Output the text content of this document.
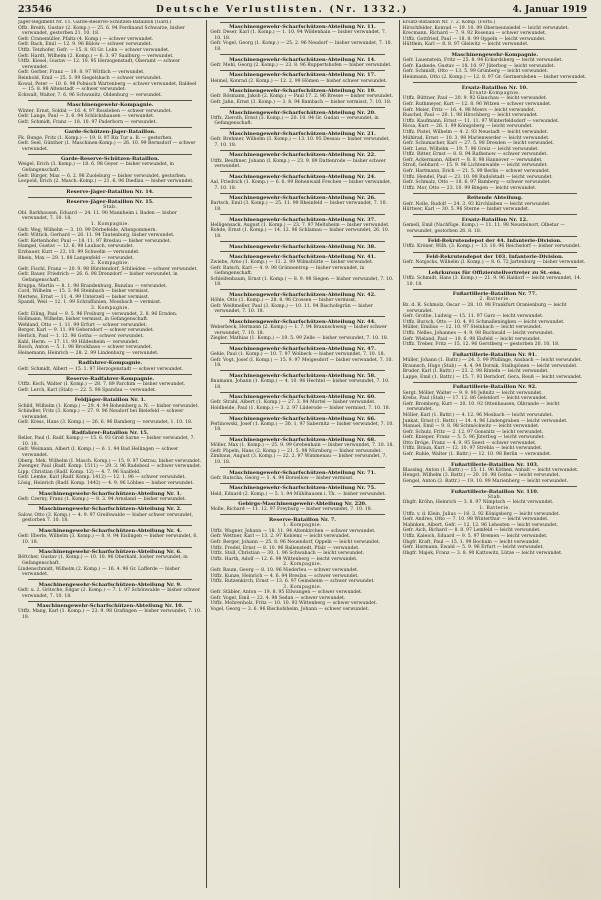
23546	Deutsche Verlustlisten. (Nr. 1332.)	4. Januar 1919

Jäger-Regiment Nr. 11. Garde-Reserve-Schützen-Bataillon (Gard.)

Offz. Breith, Gustav (2. Komp.) — 25. 6. 94 Ferdinand Schwarze, bisher verwundet, gestorben 21. 10. 18.

Gefr. Cranemüller, Pfaltz (4. Komp.) — schwer verwundet.

Gefr. Bach, Emil — 12. 9. 96 Bülow — schwer verwundet.

Utffz. Tetzhofer, Gefr. — 15. 8. 93 Gr. Lohn — schwer verwundet.

Gefr. Hardt, Wilhelm (2. Komp.) — 6. 3. 97 Saalburg — verwundet.

Utffz. Kiesel, Gustav — 12. 10. 95 Herzogenstadt, Oberamt — schwer verwundet.

Gefr. Gerber, Franz — 19. 8. 97 Wittlich — verwundet.

Reinhold, Emil — 25. 5. 99 Siegelsbach — schwer verwundet.

Kowal, Peter — 10. 6. 98 Polnisch Wartenberg — schwer verwundet, Baldeel — 15. 8. 98 Altenstadt — schwer verwundet.

Eckwalt, Walter, 7. 6. 96 Schwanitz, Oldenburg — verwundet.

Maschinengewehr-Kompagnie.

Winter, Ernst, Soldat — 16. 4. 97 Rossleben — schwer verwundet.

Gefr. Lange, Paul — 3. 6. 94 Schlickshausen — verwundet.

Gefr. Schmidt, Franz — 18. 10. 97 Paderborn — verwundet.

Garde-Schützen-Jäger-Bataillon.

Fk. Runge, Fritz (1. Komp.) — 19. 8. 97 Rix Tur a. B. — gestorben.

Gefr. Seel, Günther (1. Maschinen-Komp.) — 26. 10. 99 Bernsdorf — schwer verwundet.

Garde-Reserve-Schützen-Bataillon.

Weigel, Erich (3. Komp.) — 18. 6. 98 Geyer — bisher verwundet, in Gefangenschaft.

Gefr. Bürger, Max — 6. 2. 98 Zuoleburg — bisher verwundet, gestorben.

Leopold, Erich (2. Masch.-Komp.) — 21. 6. 96 Diedlau — bisher verwundet.

Reserve-Jäger-Bataillon Nr. 14.
Reserve-Jäger-Bataillon Nr. 15.
Stab.

Obl. Barkhausen, Eduard — 24. 11. 90 Mannheim i. Baden — bisher verwundet, 7. 10. 18.

1. Kompagnie.

Gefr. Weg, Wilhelm — 3. 10. 99 Dörbefelde, Altenpommern.

Gefr. Wittich, Gerhard — 26. 11. 94 Tautenburg, bisher verwundet.

Gefr. Kettenhofer, Paul — 18. 11. 97 Breslau — bisher verwundet.

Hampel, Gustav — 12. 6. 98 Laubach, verwundet.

Erzbauer, Kurt — 23. 10. 99 Schwelm — verwundet.

Rhein, Max — 29. 1. 88 Langenfeld — verwundet.

2. Kompagnie.

Gefr. Fischl, Franz — 20. 9. 98 Bürstendorf, Schlieiden — schwer verwundet.

Gefr. Bauer, Friedrich — 26. 6. 98 Drenzdorf — bisher verwundet, in Gefangenschaft.

Kruppa, Martin — 8. 1. 98 Brandenburg, Bunzlau — verwundet.

Cord, Wilhelm — 15. 3. 96 Steinbach — bisher vermisst.

Mertens, Ernst — 11. 4. 99 Unterzell — bisher vermisst.

Spandl, Weil — 12. 1. 99 Schraffanien, Mossbach — vermisst.

3. Kompagnie.

Gefr. Eiling, Paul — 9. 5. 96 Freiburg — verwundet, 2. 8. 96 Ernden.

Hollmann, Wilhelm, bisher vermisst, in Gefangenschaft.

Wehland, Otto — 1. 11. 99 Erfurt — schwer verwundet.

Berger, Karl — 9. 11. 99 Gebersdorf — schwer verwundet.

Herlich, Paul — 1. 12. 96 Gotha — schwer verwundet.

Kahl, Herm. — 17. 11. 99 Hildesheim — verwundet.

Rosch, Anton — 5. 1. 98 Brockhaus — schwer verwundet.

Heinemann, Heinrich — 28. 2. 99 Lindenburg — verwundet.

Radfahrer-Kompagnie.

Gefr. Schmidt, Albert — 15. 1. 97 Herzogenstadt — schwer verwundet.

Reserve-Radfahrer-Kompagnie.

Utffz. Koch, Walter (I. Komp.) — 28. 7. 89 Parchim — bisher verwundet.

Gefr. Lerch, Karl (Stab) — 22. 5. 98 Spandau — verwundet.

Feldjäger-Bataillon Nr. 1.

Schild, Wilhelm (1. Komp.) — 29. 4. 94 Bohemberg a. N. — bisher verwundet.

Schindler, Fritz (3. Komp.) — 27. 9. 96 Neudorf bei Bielefeld — schwer verwundet.

Gefr. Kress, Hans (3. Komp.) — 26. 6. 96 Bamberg — verwundet, 1. 10. 18.

Radfahrer-Bataillon Nr. 15.

Reller, Paul (I. Radf. Komp.) — 15. 6. 93 Groß Sarne — bisher verwundet, 7. 10. 18.

Gefr. Weimann, Albert (I. Komp.) — 6. 1. 94 Bad Hellingen — schwer verwundet.

Oberg. Mek, Wilhelm (I. Masch. Komp.) — 15. 9. 97 Ostrau, bisher verwundet.

Zwenger, Paul (Radf. Komp. 1511) — 29. 3. 96 Radebeul — schwer verwundet.

Lipp, Christian (Radf. Komp. 12) — 4. 7. 96 Saalfeld.

Gefr. Lemke, Karl (Radf. Komp. 1412) — 12. 1. 96 — schwer verwundet.

Lösig, Heinrich (Radf. Komp. 1442) — 4. 9. 96 Löbbes — bisher verwundet.

Maschinengewehr-Scharfschützen-Abteilung Nr. 1.

Gefr. Czerny, Franz (1. Komp.) — 8. 3. 94 Arnsland — bisher verwundet.

Maschinengewehr-Scharfschützen-Abteilung Nr. 2.

Salow, Otto (3. Komp.) — 4. 9. 97 Greifswalde — bisher schwer verwundet, gestorben 7. 10. 18.

Maschinengewehr-Scharfschützen-Abteilung Nr. 4.

Gefr. Eberle, Wilhelm (3. Komp.) — 8. 9. 94 Eislingen — bisher verwundet, 6. 10. 18.

Maschinengewehr-Scharfschützen-Abteilung Nr. 6.

Böttcher, Gustav (1. Komp.) — 10. 10. 96 Oberkahl, bisher verwundet, in Gefangenschaft.

Lindenschmidt, Wilhelm (2. Komp.) — 16. 4. 96 Gr. Lafferde — bisher verwundet.

Maschinengewehr-Scharfschützen-Abteilung Nr. 9.

Gefr. u. 2. Gritsche, Edgar (2. Komp.) — 7. 1. 97 Schönwalde — bisher schwer verwundet, 7. 10. 18.

Maschinengewehr-Scharfschützen-Abteilung Nr. 10.

Utffz. Mang, Karl (1. Komp.) — 23. 9. 98 Grafingen — bisher verwundet, 7. 10. 18.

Maschinengewehr-Scharfschützen-Abteilung Nr. 11.

Gefr. Deser, Karl (1. Komp.) — 1. 10. 94 Wildenhain — bisher verwundet, 7. 10. 18.

Gefr. Vogel, Georg (1. Komp.) — 25. 2. 96 Neudorf — bisher verwundet, 7. 10. 18.

Maschinengewehr-Scharfschützen-Abteilung Nr. 14.

Gefr. Mehl, Georg (2. Komp.) — 23. 8. 96 Ruppertshofen — bisher verwundet.

Maschinengewehr-Scharfschützen-Abteilung Nr. 17.

Heimel, Konrad (2. Komp.) — 12. 2. 99 Hömen — bisher schwer verwundet.

Maschinengewehr-Scharfschützen-Abteilung Nr. 19.

Gefr. Rösmann, Jakob (2. Komp.) — Paul 17. 2. 96 Bresse — bisher verwundet.

Gefr. Jahn, Ernst (3. Komp.) — 3. 8. 94 Bambach — bisher vermisst, 7. 10. 18.

Maschinengewehr-Scharfschützen-Abteilung Nr. 20.

Utffz. Zieroth, Ernst (3. Komp.) — 20. 10. 94 Gr. Gudan — verwundet, in Gefangenschaft.

Maschinengewehr-Scharfschützen-Abteilung Nr. 21.

Gefr. Brehmer, Wilhelm (3. Komp.) — 13. 10. 95 Dessau — bisher verwundet, 7. 10. 18.

Maschinengewehr-Scharfschützen-Abteilung Nr. 22.

Utffz. Beuthner, Johann (I. Komp.) — 23. 9. 89 Dattenrode — bisher schwer verwundet.

Maschinengewehr-Scharfschützen-Abteilung Nr. 24.

Aal, Friedrich (1. Komp.) — 6. 6. 99 Rehenwald Frechen — bisher verwundet, 7. 10. 18.

Maschinengewehr-Scharfschützen-Abteilung Nr. 26.

Bartsch, Emil (3. Komp.) — 25. 11. 99 Rheinfeld — bisher verwundet, 7. 10. 18.

Maschinengewehr-Scharfschützen-Abteilung Nr. 37.

Helligensack, August (1. Komp.) — 23. 7. 97 Meltsheim — bisher verwundet.

Rohde, Ernst (1. Komp.) — 14. 12. 96 Schlamau — bisher verwundet, 26. 10. 18.

Maschinengewehr-Scharfschützen-Abteilung Nr. 38.
Maschinengewehr-Scharfschützen-Abteilung Nr. 41.

Zwiebe, Arno (1. Komp.) — 11. 2. 99 Wilmshütte — bisher verwundet.

Gefr. Ratsch, Karl — 4. 9. 98 Grünnentrop — bisher verwundet, in Gefangenschaft.

Schleifenbaum, Ernst (1. Komp.) — 8. 9. 98 Siegen — bisher verwundet, 7. 10. 18.

Maschinengewehr-Scharfschützen-Abteilung Nr. 42.

Höhle, Otto (1. Komp.) — 28. 8. 96 Crossen — bisher vermisst.

Gefr. Weißmeller, Paul (3. Komp.) — 10. 11. 94 Bischofsgrün — bisher verwundet, 7. 10. 18.

Maschinengewehr-Scharfschützen-Abteilung Nr. 44.

Weberbeck, Hermann (2. Komp.) — 1. 7. 94 Braunschweig — bisher schwer verwundet, 7. 10. 18.

Ziegler, Mathias (1. Komp.) — 19. 5. 99 Zelle — bisher verwundet, 7. 10. 18.

Maschinengewehr-Scharfschützen-Abteilung Nr. 47.

Gehle, Paul (1. Komp.) — 10. 7. 97 Wolbeck — bisher verwundet, 7. 10. 18.

Gefr. Vogt, Josef (I. Komp.) — 15. 9. 97 Meigesdorf — bisher verwundet, 7. 10. 18.

Maschinengewehr-Scharfschützen-Abteilung Nr. 58.

Baumann, Johann (1. Komp.) — 4. 10. 96 Hechtel — bisher verwundet, 7. 10. 18.

Maschinengewehr-Scharfschützen-Abteilung Nr. 60.

Gefr. Strahl, Albert (1. Komp.) — 27. 3. 94 Mortel — bisher verwundet.

Holdheide, Paul (1. Komp.) — 3. 2. 97 Lüderode — bisher vermisst, 7. 10. 18.

Maschinengewehr-Scharfschützen-Abteilung Nr. 66.

Perlinowski, Josef (1. Komp.) — 30. 1. 97 Sabernitz — bisher verwundet, 7. 10. 18.

Maschinengewehr-Scharfschützen-Abteilung Nr. 68.

Möller, Max (1. Komp.) — 25. 9. 99 Grebenhain — bisher verwundet, 7. 10. 18.

Gefr. Pöpeln, Hans (2. Komp.) — 21. 5. 98 Nürnberg — bisher verwundet.

Zimbaus, August (3. Komp.) — 22. 2. 97 Wimmenau — bisher verwundet, 7. 10. 18.

Maschinengewehr-Scharfschützen-Abteilung Nr. 71.

Gefr. Rutscha, Georg — 1. 4. 94 Borsellow — bisher vermisst.

Maschinengewehr-Scharfschützen-Abteilung Nr. 75.

Held, Eduard (2. Komp.) — 5. 1. 94 Mühlhausen i. Th. — bisher verwundet.

Gebirgs-Maschinengewehr-Abteilung Nr. 220.

Molle, Richard — 11. 12. 97 Freyburg — bisher verwundet, 7. 10. 18.

Reserve-Bataillon Nr. 7.
1. Kompagnie.

Utffz. Wagner, Johann — 18. 11. 94 Altenkirchen — schwer verwundet.

Gefr. Wettner, Karl — 13. 2. 97 Koblenz — leicht verwundet.

Gefr. Berger, Johann — 25. 8. 96 Neuendorf, Oppeln — leicht verwundet.

Utffz. Fredel, Ernst — 8. 10. 96 Ballenstedt, Pfalz — verwundet.

Utffz. Stoll, Christian — 30. 1. 96 Schwabach — leicht verwundet.

Utffz. Harth, Adolf — 12. 6. 98 Wittenberg — leicht verwundet.

2. Kompagnie.

Gefr. Baum, Georg — 8. 10. 96 Niederleu — schwer verwundet.

Utffz. Kunze, Heinrich — 4. 6. 94 Breslau — schwer verwundet.

Utffz. Rutzenkirch, Ernst — 13. 6. 97 Geinsheim — schwer verwundet.

3. Kompagnie.

Gefr. Stäbler, Anton — 19. 8. 95 Ellwangen — schwer verwundet.

Gefr. Vogel, Emil — 22. 4. 98 Sedan — schwer verwundet.

Utffz. Mohrenholz, Fritz — 10. 10. 93 Wittenberg — schwer verwundet.

Vogel, Georg — 3. 6. 96 Bischofsheim, Johann — schwer verwundet.

Ersatz-Bataillon Nr. 7. 2. Komp. (Forts.)

Hirschfelder, Konrad — 19. 10. 99 Oberneunsiedel — leicht verwundet.

Krecmann, Richard — 7. 9. 92 Rosenau — schwer verwundet.

Utffz. Gottfried, Paul — 18. 8. 99 Oppeln — leicht verwundet.

Hüttlein, Karl — 8. 8. 97 Gleiwitz — leicht verwundet.

Maschinengewehr-Kompagnie.

Gefr. Lauenstein, Fritz — 25. 8. 94 Eckardsberg — leicht verwundet.

Gefr. Kaskede, Gustav — 18. 10. 97 Jüterbog — leicht verwundet.

Gefr. Schmidt, Otto — 13. 5. 99 Grünberg — leicht verwundet.

Heinmann, Otto (2. Komp.) — 12. 8. 97 Gr. Germersleben — bisher verwundet.

Ersatz-Bataillon Nr. 10.
Ersatz-Kompagnie.

Utffz. Büttner, Paul — 20. 9. 92 Glauchau — leicht verwundet.

Gefr. Ruthmeyer, Kurt — 12. 8. 96 Witzen — schwer verwundet.

Gefr. Meier, Fritz — 16. 4. 98 Moers — leicht verwundet.

Ruschel, Paul — 20. 1. 98 Hirschberg — leicht verwundet.

Utffz. Kaufmann, Ernst — 11. 11. 97 Winterfeldsdorf — verwundet.

Ricsa, Kurt — 26. 1. 99 Königsberg — leicht verwundet.

Utffz. Pistel, Wilhelm — 4. 2. 93 Neustadt — leicht verwundet.

Mühlrad, Ernst — 10. 3. 98 Marienwerder — leicht verwundet.

Gefr. Schumacher, Karl — 27. 5. 98 Dresden — leicht verwundet.

Gefr. Lenz, Wilhelm — 19. 7. 96 Greiz — leicht verwundet.

Utffz. Ritter, Ernst — 8. 8. 94 Rathenow — schwer verwundet.

Gefr. Ackermann, Albert — 8. 8. 98 Hannover — verwundet.

Stroll, Gebhard — 15. 9. 96 Lichtenwalde — leicht verwundet.

Gefr. Hartmann, Erich — 21. 5. 99 Berlin — schwer verwundet.

Utffz. Hendel, Paul — 23. 10. 98 Rudolstadt — leicht verwundet.

Gefr. Schmalz, Otto — 18. 6. 97 Bamberg — schwer verwundet.

Utffz. Mor, Otto — 23. 10. 99 Bingen — leicht verwundet.

Reitende Abteilung.

Gefr. Nolle, Rudolf — 24. 3. 93 Kirchlaiben — leicht verwundet.

Hüttwer, Karl — 30. 5. 96 Sterne — bisher verwundet.

Ersatz-Bataillon Nr. 12.

Gemell, Emil (Nachfüge. Komp.) — 11. 11. 98 Neusteinort, Olbetar — verwundet, gestorben 26. 8. 18.

Feld-Rekrutendepot der 44. Infanterie-Division.

Utffz. Kröner, Wilh. (3. Komp.) — 13. 10. 96 Reichsdorf — bisher verwundet.

Feld-Rekrutendepot der 103. Infanterie-Division.

Gefr. Nonjocks, Wilhelm (I. Komp.) — 8. 6. 72 Jartenburg — bisher verwundet.

Lehrkursus für Offizierstellvertreter zu St.-ens.

Utffz. Schmidt, Hans (3. Komp.) — 21. 9. 96 Haldorf — leicht verwundet, 14. 10. 18.

Fußartillerie-Bataillon Nr. 77.
2. Batterie.

Bz. d. R. Schmolz, Oscar — 28. 10. 98 Frankfurt Oranienburg — leicht verwundet.

Gefr. Grothe, Ludwig — 15. 11. 97 Garz — leicht verwundet.

Utffz. Bursch, Otto — 10. 4. 91 Schmalleningken — leicht verwundet.

Müller, Emilius — 12. 10. 97 Steinbach — leicht verwundet.

Utffz. Nelles, Johannes — 4. 9. 98 Buchwald — leicht verwundet.

Gefr. Wieland, Paul — 18. 6. 98 Eisfeld — leicht verwundet.

Utffz. Treber, Fritz — 15. 12. 96 Gerstberg — gestorben 20. 10. 18.

Fußartillerie-Bataillon Nr. 91.

Müller, Johann (1. Battr.) — 24. 5. 99 Pfullinge, Ansbach — leicht verwundet.

Braunsch, Hugo (Stab) — 4. 4. 94 Dornik, Stallupönen — leicht verwundet.

Bruder, Karl (I. Battr.) — 23. 2. 98 Rinteln — leicht verwundet.

Lappe, Emil (1. Battr.) — 15. 7. 93 Berndorf, Gera, Reuß — leicht verwundet.

Fußartillerie-Bataillon Nr. 92.

Sergt. Möller, Walter — 9. 9. 90 Jeßnitz — leicht verwundet.

Krebs, Paul (Stab) — 17. 12. 86 Gelstdorf — leicht verwundet.

Gefr. Bromberg, Kurt — 20. 10. 92 Ottenhausen, Olbrande — leicht verwundet.

Möller, Karl (1. Battr.) — 4. 12. 96 Mosbach — leicht verwundet.

Junkat, Ernst (1. Battr.) — 14. 4. 96 Lindengraben — leicht verwundet.

Manuel, Emil — 9. 8. 98 Schmöckwitz — leicht verwundet.

Gefr. Schulz, Fritz — 2. 12. 97 Gonsnitz — leicht verwundet.

Gefr. Knieper, Franz — 5. 5. 96 Jüterbog — leicht verwundet.

Otto Dröge, Franz — 4. 9. 95 Soest — schwer verwundet.

Utffz. Braun, Kurt — 12. 10. 97 Strehla — leicht verwundet.

Gefr. Ruhle, Walter (1. Battr.) — 12. 10. 98 Berlin — verwundet.

Fußartillerie-Bataillon Nr. 103.

Blassing, Anton (1. Battr.) — 15. 11. 96 Köthen, Anhalt — leicht verwundet.

Hengst, Wilhelm (3. Battr.) — 20. 10. 98 Gotha — leicht verwundet.

Gengel, Anton (3. Battr.) — 19. 10. 99 Marienberg — leicht verwundet.

Fußartillerie-Bataillon Nr. 110.
Stab.

Obgfr. Kröhn, Heinrich — 3. 8. 97 Nimptsch — leicht verwundet.

1. Batterie.

Utffz. v. d. Klein, Julius — 18. 3. 92 Königsberg — leicht verwundet.

Gefr. Andres, Otto — 7. 10. 98 Winterthur — leicht verwundet.

Mahnken, Albert, Gefr. — 12. 12. 96 Lehesten — leicht verwundet.

Gefr. Aich, Richard — 8. 8. 97 Lemfeld — leicht verwundet.

Utffz. Kaleich, Eduard — 9. 5. 97 Bremen — leicht verwundet.

Obgfr. Kraft, Paul — 15. 1. 99 Bochum — leicht verwundet.

Gefr. Harmann, Ewald — 5. 9. 96 Erfurt — leicht verwundet.

Obgfr. Majek, Franz — 3. 8. 90 Kattowitz, Lütze — leicht verwundet.
